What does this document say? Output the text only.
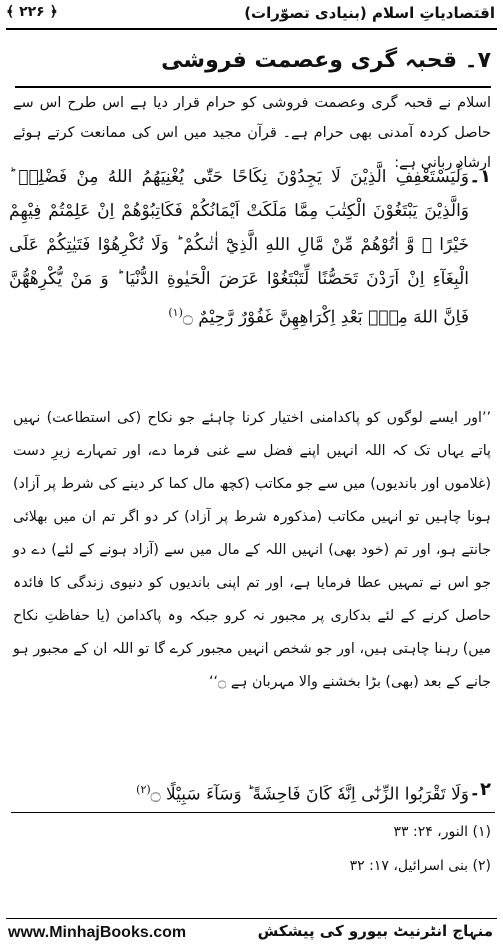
اقتصادیاتِ اسلام (بنیادی تصوّرات)
﴾ ۲۲۶ ﴿
۷۔ قحبہ گری وعصمت فروشی
اسلام نے قحبہ گری وعصمت فروشی کو حرام قرار دیا ہے اس طرح اس سے حاصل کردہ آمدنی بھی حرام ہے۔ قرآن مجید میں اس کی ممانعت کرتے ہوئے ارشادِ ربانی ہے:
۱۔
وَلْيَسْتَعْفِفِ الَّذِيْنَ لَا يَجِدُوْنَ نِكَاحًا حَتّٰى يُغْنِيَهُمُ اللهُ مِنْ فَضْلِهٖ ؕ وَالَّذِيْنَ يَبْتَغُوْنَ الْكِتٰبَ مِمَّا مَلَكَتْ اَيْمَانُكُمْ فَكَاتِبُوْهُمْ اِنْ عَلِمْتُمْ فِيْهِمْ خَيْرًا ۖ وَّ اٰتُوْهُمْ مِّنْ مَّالِ اللهِ الَّذِيْٓ اٰتٰىكُمْ ؕ وَلَا تُكْرِهُوْا فَتَيٰتِكُمْ عَلَى الْبِغَآءِ اِنْ اَرَدْنَ تَحَصُّنًا لِّتَبْتَغُوْا عَرَضَ الْحَيٰوةِ الدُّنْيَا ؕ وَ مَنْ يُّكْرِهْهُّنَّ فَاِنَّ اللهَ مِنْۢ بَعْدِ اِكْرَاهِهِنَّ غَفُوْرٌ رَّحِيْمٌ ۝$^{(۱)}$
’’اور ایسے لوگوں کو پاکدامنی اختیار کرنا چاہئے جو نکاح (کی استطاعت) نہیں پاتے یہاں تک کہ اللہ انہیں اپنے فضل سے غنی فرما دے، اور تمہارے زیرِ دست (غلاموں اور باندیوں) میں سے جو مکاتب (کچھ مال کما کر دینے کی شرط پر آزاد) ہونا چاہیں تو انہیں مکاتب (مذکورہ شرط پر آزاد) کر دو اگر تم ان میں بھلائی جانتے ہو، اور تم (خود بھی) انہیں اللہ کے مال میں سے (آزاد ہونے کے لئے) دے دو جو اس نے تمہیں عطا فرمایا ہے، اور تم اپنی باندیوں کو دنیوی زندگی کا فائدہ حاصل کرنے کے لئے بدکاری پر مجبور نہ کرو جبکہ وہ پاکدامن (یا حفاظتِ نکاح میں) رہنا چاہتی ہیں، اور جو شخص انہیں مجبور کرے گا تو اللہ ان کے مجبور ہو جانے کے بعد (بھی) بڑا بخشنے والا مہربان ہے ۝‘‘
۲۔
وَلَا تَقْرَبُوا الزِّنٰٓى اِنَّهٗ كَانَ فَاحِشَةً ؕ وَسَآءَ سَبِيْلًا ۝$^{(۲)}$
(۱) النور، ۲۴: ۳۳
(۲) بنی اسرائیل، ۱۷: ۳۲
www.MinhajBooks.com	منہاج انٹرنیٹ بیورو کی پیشکش
